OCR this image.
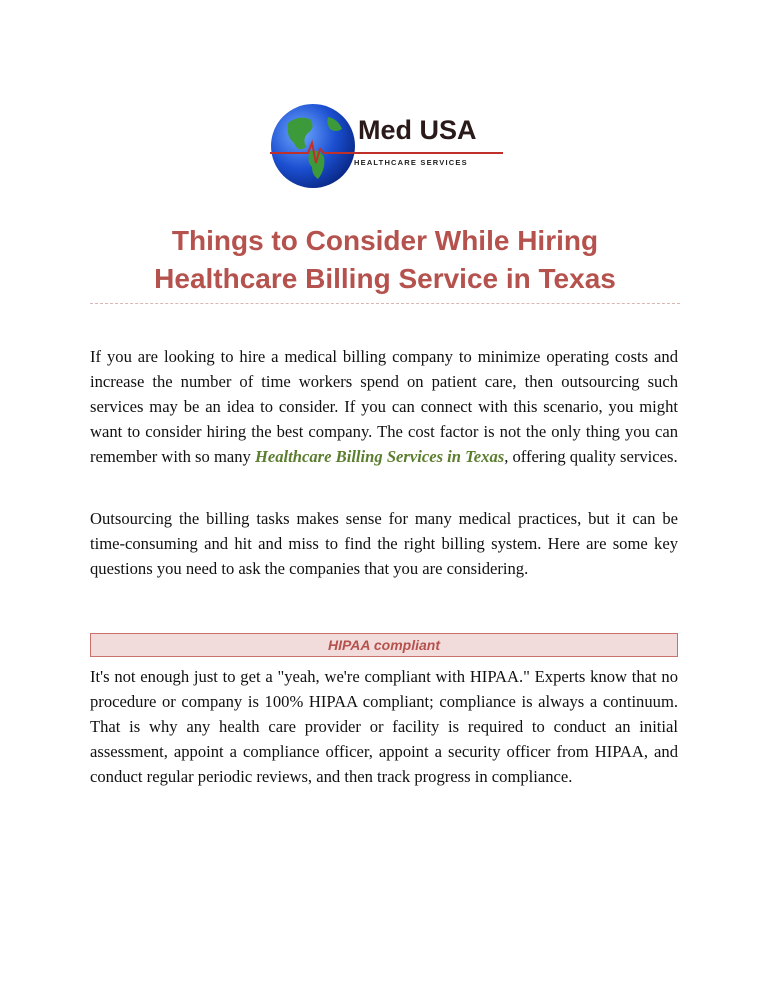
Med USA
HEALTHCARE SERVICES
Things to Consider While Hiring
Healthcare Billing Service in Texas

If you are looking to hire a medical billing company to minimize operating costs and increase the number of time workers spend on patient care, then outsourcing such services may be an idea to consider. If you can connect with this scenario, you might want to consider hiring the best company. The cost factor is not the only thing you can remember with so many Healthcare Billing Services in Texas, offering quality services.

Outsourcing the billing tasks makes sense for many medical practices, but it can be time-consuming and hit and miss to find the right billing system. Here are some key questions you need to ask the companies that you are considering.

HIPAA compliant

It's not enough just to get a "yeah, we're compliant with HIPAA." Experts know that no procedure or company is 100% HIPAA compliant; compliance is always a continuum. That is why any health care provider or facility is required to conduct an initial assessment, appoint a compliance officer, appoint a security officer from HIPAA, and conduct regular periodic reviews, and then track progress in compliance.
